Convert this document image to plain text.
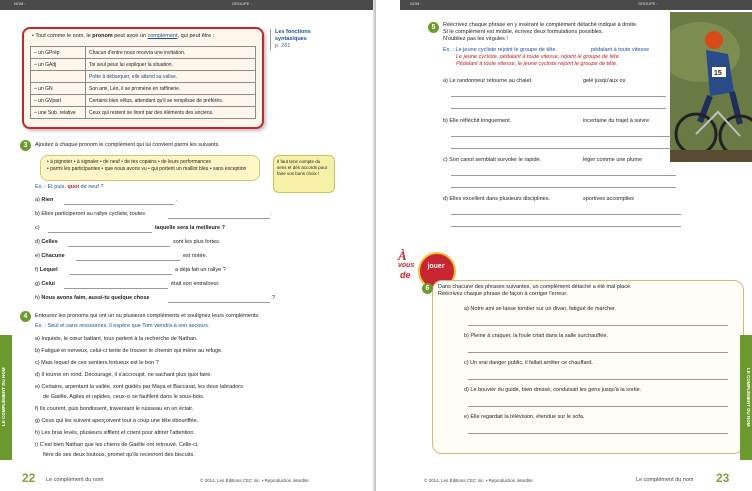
NOM :	GROUPE :
• Tout comme le nom, le pronom peut avoir un complément, qui peut être :
– un GPrép	Chacun d'entre nous recevra une invitation.
– un GAdj	Toi seul peux lui expliquer la situation.
	Prête à débarquer, elle attend sa valise.
– un GN	Son ami, Léo, il se promène en raffinerie.
– un GVpart	Certains bien vêtus, attendant qu'il se remplisse de préférés.
– une Sub. relative	Ceux qui restent se liront par des éléments des anciens.
Les fonctions syntaxiques
p. 281
3	Ajoutez à chaque pronom le complément qui lui convient parmi les suivants.
• à pignoter • à signaler • de neuf • de tes copains • de leurs performances
• parmi les participantes • que nous avons vu • qui portent un maillot bleu • sans exception
Il faut tenir compte du sens et des accords pour faire vos bons choix !
Ex. : Et puis, quoi de neuf ?
a) Rien	.
b) Elles participeront au rallye cycliste, toutes	.
c)	laquelle sera la meilleure ?
d) Celles	sont les plus fortes.
e) Chacune	est notée.
f) Lequel	a déjà fait un rallye ?
g) Celui	était son entraîneur.
h) Nous avons faim, aussi-tu quelque chose	?
4	Entourez les pronoms qui ont un ou plusieurs compléments et soulignez leurs compléments.
Ex. : Seul et sans ressources, il espère que Tom viendra à son secours.
a) Inquiets, le cœur battant, tous partent à la recherche de Nathan.
b) Fatigué et nerveux, celui-ci tente de trouver le chemin qui mène au refuge.
c) Mais lequel de ces sentiers tortueux est le bon ?
d) Il tourne en rond. Découragé, il s'accroupit, ne sachant plus quoi faire.
e) Certains, arpentant la vallée, sont guidés par Maya et Baccarat, les deux labradors
de Gaëlle. Agiles et rapides, ceux-ci se faufilent dans le sous-bois.
f) Ils courent, puis bondissent, traversant le ruisseau en un éclair.
g) Ceux qui les suivent aperçoivent tout à coup une tête ébouriffée.
h) Les bras levés, plusieurs sifflent et crient pour attirer l'attention.
i) C'est bien Nathan que les chiens de Gaëlle ont retrouvé. Celle-ci,
fière de ses deux toutous, promet qu'ils recevront des biscuits.
LE COMPLÉMENT DU NOM
22 Le complément du nom	© 2014, Les Éditions CEC inc. • Reproduction interdite
NOM :	GROUPE :
15
5	Réécrivez chaque phrase en y insérant le complément détaché indiqué à droite.
Si le complément est mobile, écrivez deux formulations possibles.
N'oubliez pas les virgules !
Ex. : Le jeune cycliste rejoint le groupe de tête.	pédalant à toute vitesse
Le jeune cycliste, pédalant à toute vitesse, rejoint le groupe de tête.
Pédalant à toute vitesse, le jeune cycliste rejoint le groupe de tête.
a) Le randonneur retourne au chalet.	gelé jusqu'aux os
b) Elle réfléchit longuement.	incertaine du trajet à suivre
c) Son canot semblait survoler le rapide.	léger comme une plume
d) Elles excellent dans plusieurs disciplines.	sportives accomplies
À
vous
de
jouer
6	Dans chacune des phrases suivantes, un complément détaché a été mal placé.
Réécrivez chaque phrase de façon à corriger l'erreur.
a) Notre ami se lasse tomber sur un divan, fatigué de marcher.
b) Pleine à craquer, la foule criait dans la salle surchauffée.
c) Un vrai danger public, il fallait arrêter ce chauffard.
d) Le bouvier du guide, bien dressé, conduisait les gens jusqu'à la sortie.
e) Elle regardait la télévision, étendue sur le sofa.	LE COMPLÉMENT DU NOM
© 2014, Les Éditions CEC inc. • Reproduction interdite	Le complément du nom 23
